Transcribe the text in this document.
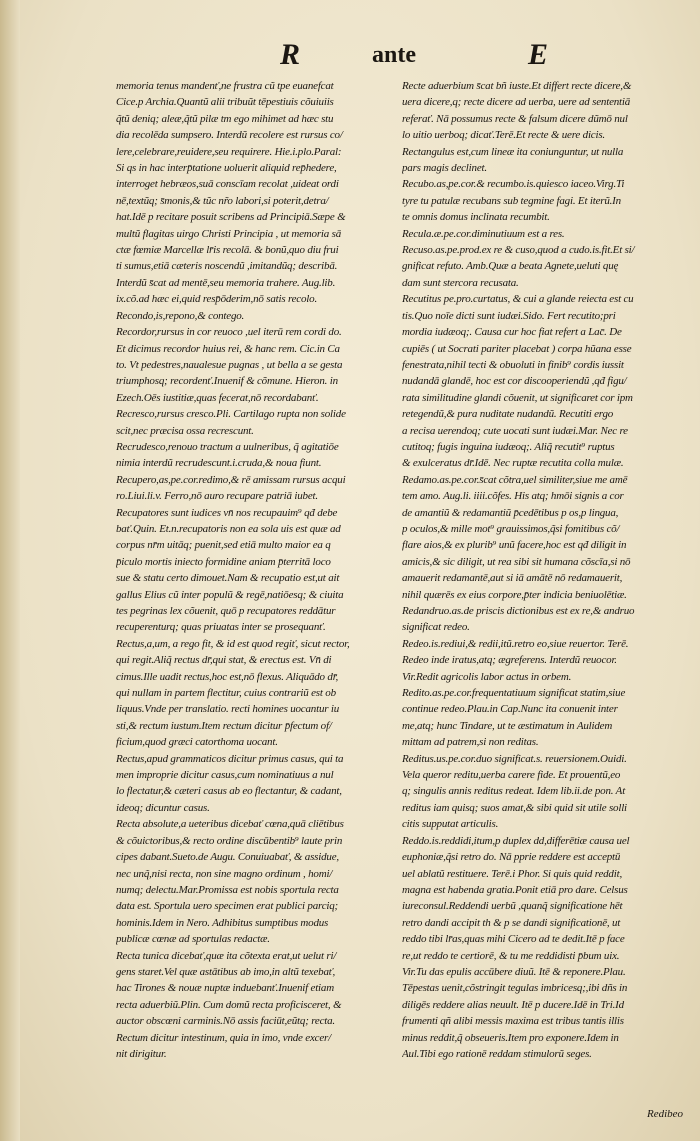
R	ante	E
memoria tenus mandenť,ne frustra cũ tpe euanefcat
Cice.p Archia.Quantũ alii tribuũt tēpestiuis cõuiuiis
q̃tũ deniq; aleæ,q̃tũ pilæ tm ego mihimet ad hæc stu
dia recolēda sumpsero. Interdũ recolere est rursus co/
lere,celebrare,reuidere,seu requirere. Hie.i.plo.Paral:
Si qs in hac interp̄tatione uoluerit aliquid rep̄hedere,
interroget hebræos,suā conscīam recolat ,uideat ordi
nē,textũq; s̄monis,& tũc nr̃o labori,si poterit,detra/
hat.Idē p recitare posuit scribens ad Principiā.Sæpe &
multũ flagitas uirgo Christi Principia , ut memoria sā
ctæ fœmiæ Marcellæ lr̄is recolā. & bonũ,quo diu frui
ti sumus,etiā cæteris noscendũ ,imitandũq; describā.
Interdũ s̄cat ad mentē,seu memoria trahere. Aug.lib.
ix.cõ.ad hæc ei,quid resp̄ōderim,nō satis recolo.
Recondo,is,repono,& contego.
Recordor,rursus in cor reuoco ,uel iterū rem cordi do.
Et dicimus recordor huius rei, & hanc rem. Cic.in Ca
to. Vt pedestres,naualesue pugnas , ut bella a se gesta
triumphosq; recordenť.Inuenif & cõmune. Hieron. in
Ezech.Oēs iustitiæ,quas fecerat,nō recordabanť.
Recresco,rursus cresco.Pli. Cartilago rupta non solide
scit,nec præcisa ossa recrescunt.
Recrudesco,renouo tractum a uulneribus, q̃ agitatiōe
nimia interdũ recrudescunt.i.cruda,& noua fiunt.
Recupero,as,pe.cor.redimo,& rē amissam rursus acqui
ro.Liui.li.v. Ferro,nō auro recupare patriā iubet.
Recupatores sunt iudices vn̄ nos recupauim⁹ qđ debe
bať.Quin. Et.n.recupatoris non ea sola uis est quæ ad
corpus nr̄m uitāq; puenit,sed etiā multo maior ea q
p̄iculo mortis iniecto formidine aniam p̄territā loco
sue & statu certo dimouet.Nam & recupatio est,ut ait
gallus Elius cũ inter populũ & regē,natiōesq; & ciuita
tes pegrinas lex cõuenit, quō p recupatores reddātur
recuperenturq; quas priuatas inter se prosequanť.
Rectus,a,um, a rego fit, & id est quod regiť, sicut rector,
qui regit.Aliq̃ rectus dr̄,qui stat, & erectus est. Vn̄ di
cimus.Ille uadit rectus,hoc est,nō flexus. Aliquādo dr̄,
qui nullam in partem flectitur, cuius contrariũ est ob
liquus.Vnde per translatio. recti homines uocantur iu
sti,& rectum iustum.Item rectum dicitur p̄fectum of/
ficium,quod græci catorthoma uocant.
Rectus,apud grammaticos dicitur primus casus, qui ta
men improprie dicitur casus,cum nominatiuus a nul
lo flectatur,& cæteri casus ab eo flectantur, & cadant,
ideoq; dicuntur casus.
Recta absolute,a ueteribus dicebať cœna,quā cliētibus
& cõuictoribus,& recto ordine discūbentib⁹ laute prin
cipes dabant.Sueto.de Augu. Conuiuabať, & assidue,
nec unq̃,nisi recta, non sine magno ordinum , homi/
numq; delectu.Mar.Promissa est nobis sportula recta
data est. Sportula uero specimen erat publici parciq;
hominis.Idem in Nero. Adhibitus sumptibus modus
publicæ cœnæ ad sportulas redactæ.
Recta tunica dicebať,quæ ita cõtexta erat,ut uelut ri/
gens staret.Vel quæ astātibus ab imo,in altũ texebať,
hac Tirones & nouæ nuptæ induebanť.Inuenif etiam
recta aduerbiũ.Plin. Cum domũ recta proficisceret, &
auctor obscœni carminis.Nō assis faciūt,eũtq; recta.
Rectum dicitur intestinum, quia in imo, vnde excer/
nit dirigitur.
Recte aduerbium s̄cat bñ iuste.Et differt recte dicere,&
uera dicere,q; recte dicere ad uerba, uere ad sententiā
referať. Nā possumus recte & falsum dicere dũmō nul
lo uitio uerboq; dicať.Terē.Et recte & uere dicis.
Rectangulus est,cum lineæ ita coniunguntur, ut nulla
pars magis declinet.
Recubo.as,pe.cor.& recumbo.is.quiesco iaceo.Virg.Ti
tyre tu patulæ recubans sub tegmine fagi. Et iterũ.In
te omnis domus inclinata recumbit.
Recula.æ.pe.cor.diminutiuum est a res.
Recuso.as.pe.prod.ex re & cuso,quod a cudo.is.fit.Et si/
gnificat refuto. Amb.Quæ a beata Agnete,ueluti quę
dam sunt stercora recusata.
Recutitus pe.pro.curtatus, & cui a glande reiecta est cu
tis.Quo noīe dicti sunt iudæi.Sido. Fert recutito;pri
mordia iudæoq;. Causa cur hoc fiat refert a Lac̄. De
cupiēs ( ut Socrati pariter placebat ) corpa hũana esse
fenestrata,nihil tecti & obuoluti in finib⁹ cordis iussit
nudandā glandē, hoc est cor discooperiendũ ,qđ figu/
rata similitudine glandi cõuenit, ut significaret cor ipm
retegendũ,& pura nuditate nudandũ. Recutiti ergo
a recisa uerendoq; cute uocati sunt iudæi.Mar. Nec re
cutitoq; fugis inguina iudæoq;. Aliq̃ recutit⁹ ruptus
& exulceratus dr̄.Idē. Nec ruptæ recutita colla mulæ.
Redamo.as.pe.cor.s̄cat cõtra,uel similiter,siue me amē
tem amo. Aug.li. iiii.cõfes. His atq; hmōi signis a cor
de amantiũ & redamantiũ p̄cedētibus p os,p lingua,
p oculos,& mille mot⁹ grauissimos,q̃si fomitibus cõ/
flare aios,& ex plurib⁹ unũ facere,hoc est qđ diligit in
amicis,& sic diligit, ut rea sibi sit humana cõscīa,si nō
amauerit redamantē,aut si iā amātē nō redamauerit,
nihil quærēs ex eius corpore,p̄ter indicia beniuolētiæ.
Redandruo.as.de priscis dictionibus est ex re,& andruo
significat redeo.
Redeo.is.rediui,& redii,itũ.retro eo,siue reuertor. Terē.
Redeo inde iratus,atq; ægreferens. Interdũ reuocor.
Vir.Redit agricolis labor actus in orbem.
Redito.as.pe.cor.frequentatiuum significat statim,siue
continue redeo.Plau.in Cap.Nunc ita conuenit inter
me,atq; hunc Tindare, ut te æstimatum in Aulidem
mittam ad patrem,si non reditas.
Reditus.us.pe.cor.duo significat.s. reuersionem.Ouidi.
Vela queror reditu,uerba carere fide. Et prouentũ,eo
q; singulis annis reditus redeat. Idem lib.ii.de pon. At
reditus iam quisq; suos amat,& sibi quid sit utile solli
citis supputat articulis.
Reddo.is.reddidi,itum,p duplex dd,differētiæ causa uel
euphoniæ,q̃si retro do. Nā pprie reddere est acceptū
uel ablatũ restituere. Terē.i Phor. Si quis quid reddit,
magna est habenda gratia.Ponit etiā pro dare. Celsus
iureconsul.Reddendi uerbũ ,quanq̃ significatione hēt
retro dandi accipit th & p se dandi significationē, ut
reddo tibi lr̄as,quas mihi Cicero ad te dedit.Itē p face
re,ut reddo te certiorē, & tu me reddidisti p̄bum uix.
Vir.Tu das epulis accūbere diuũ. Itē & reponere.Plau.
Tēpestas uenit,cõstringit tegulas imbricesq;,ibi dñs in
diligēs reddere alias neuult. Itē p ducere.Idē in Tri.Id
frumenti qñ alibi messis maxima est tribus tantis illis
minus reddit,q̃ obseueris.Item pro exponere.Idem in
Aul.Tibi ego rationē reddam stimulorũ seges.
Redibeo
